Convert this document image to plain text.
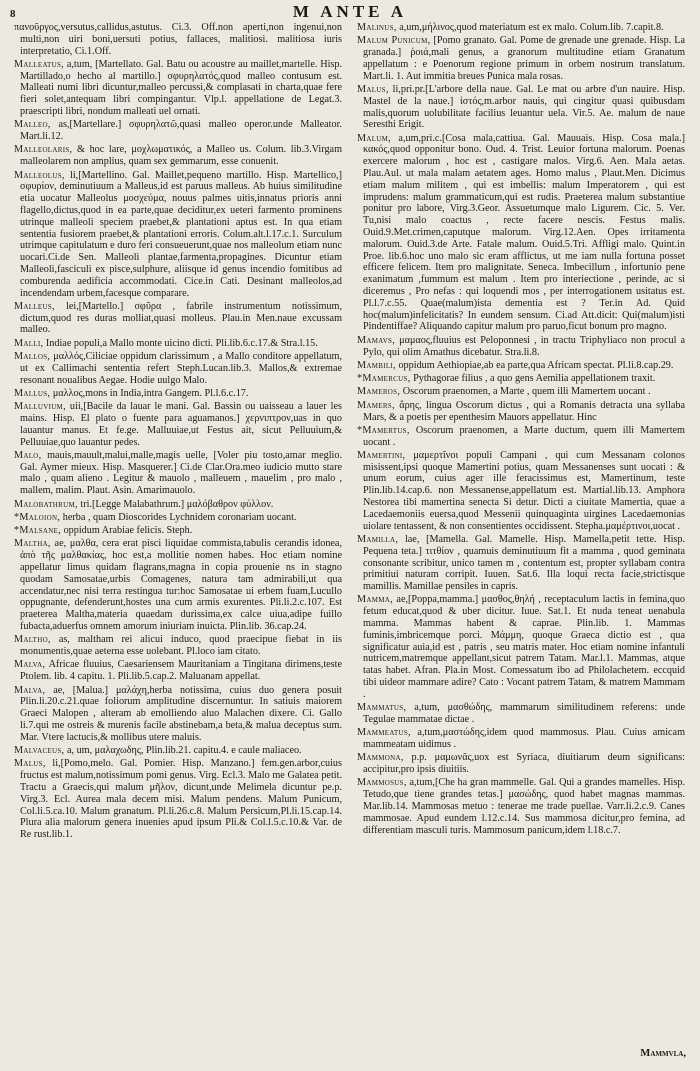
8	M ANTE A

πανοῦργος,versutus,callidus,astutus. Ci.3. Off.non aperti,non ingenui,non multi,non uiri boni,uersuti potius, fallaces, malitiosi. malitiosa iuris interpretatio, Ci.1.Off.

Malleatus, a,tum, [Martellato. Gal. Batu ou acoustre au maillet,martelle. Hisp. Martillado,o hecho al martillo.] σφυρηλατός,quod malleo contusum est. Malleati numi libri dicuntur,malleo percussi,& complasati in charta,quae fere fieri solet,antequam libri compingantur. Vlp.l. appellatione de Legat.3. praescripti libri, nondum malleati uel ornati.

Malleo, as,[Martellare.] σφυρηλατῶ,quasi malleo operor.unde Malleator. Mart.li.12.

Malleolaris, & hoc lare, μοχλωματικός, a Malleo us. Colum. lib.3.Virgam malleolarem non amplius, quam sex gemmarum, esse conuenit.

Malleolus, li,[Martellino. Gal. Maillet,pequeno martillo. Hisp. Martellico,] σφυρίον, deminutiuum a Malleus,id est paruus malleus. Ab huius similitudine etia uocatur Malleolus μοσχεύμα, nouus palmes uitis,innatus prioris anni flagello,dictus,quod in ea parte,quae deciditur,ex ueteri farmento prominens utrinque malleoli speciem praebet,& plantationi aptus est. In qua etiam sententia fusiorem praebet,& plantationi erroris. Colum.alt.l.17.c.1. Surculum utrimque capitulatum e duro feri consueuerunt,quae nos malleolum etiam nunc uocari.Ci.de Sen. Malleoli plantae,farmenta,propagines. Dicuntur etiam Malleoli,fasciculi ex pisce,sulphure, aliisque id genus incendio fomitibus ad comburenda aedificia accommodati. Cice.in Cati. Desinant malleolos,ad incendendam urbem,facesque comparare.

Malleus, lei,[Martello.] σφῦρα , fabrile instrumentum notissimum, dictum,quod res duras molliat,quasi molleus. Plau.in Men.naue excussam malleo.

Malli, Indiae populi,a Mallo monte uicino dicti. Pli.lib.6.c.17.& Stra.l.15.

Mallos, μαλλός,Ciliciae oppidum clarissimum , a Mallo conditore appellatum, ut ex Callimachi sententia refert Steph.Lucan.lib.3. Mallos,& extremae resonant noualibus Aegae. Hodie uulgo Malo.

Mallus, μαλλος,mons in India,intra Gangem. Pl.l.6.c.17.

Malluvium, uii,[Bacile da lauar le mani. Gal. Bassin ou uaisseau a lauer les mains. Hisp. El plato o fuente para aguamanos.] χερνιπτρον,uas in quo lauantur manus. Et fe.ge. Malluuiae,ut Festus ait, sicut Pelluuium,& Pelluuiae,quo lauantur pedes.

Malo, mauis,mauult,malui,malle,magis uelle, [Voler piu tosto,amar meglio. Gal. Aymer mieux. Hisp. Masquerer.] Ci.de Clar.Ora.meo iudicio mutto stare malo , quam alieno . Legitur & mauolo , malleuem , mauelim , pro malo , mallem, malim. Plaut. Asin. Amarimauolo.

Malobathrum, tri.[Legge Malabathrum.] μαλόβαθρον φύλλον.

*Maloion, herba , quam Dioscorides Lychnidem coronariam uocant.

*Malsane, oppidum Arabiae felicis. Steph.

Maltha, ae, μαλθα, cera erat pisci liquidae commista,tabulis cerandis idonea, ἀπὸ τῆς μαλθακίας, hoc est,a mollitie nomen habes. Hoc etiam nomine appellatur limus quidam flagrans,magna in copia prouenie ns in stagno quodam Samosatae,urbis Comagenes, natura tam admirabili,ut qua accendatur,nec nisi terra restingua tur:hoc Samosatae ui erbem fuam,Lucullo oppugnante, defenderunt,hostes una cum armis exurentes. Pli.li.2.c.107. Est praeterea Maltha,materia quaedam durissima,ex calce uiua,adipe fuillo fubacta,aduerfus omnem amorum iniuriam inuicta. Plin.lib. 36.cap.24.

Maltho, as, maltham rei alicui induco, quod praecipue fiebat in iis monumentis,quae aeterna esse uolebant. Pl.loco iam citato.

Malva, Africae fluuius, Caesariensem Mauritaniam a Tingitana dirimens,teste Ptolem. lib. 4 capitu. 1. Pli.lib.5.cap.2. Maluanam appellat.

Malva, ae, [Malua.] μαλάχη,herba notissima, cuius duo genera posuit Plin.li.20.c.21.quae foliorum amplitudine discernuntur. In satiuis maiorem Graeci Malopen , alteram ab emolliendo aluo Malachen dixere. Ci. Gallo li.7.qui me ostreis & murenis facile abstinebam,a beta,& malua deceptus sum. Mar. Vtere lactucis,& mollibus utere maluis.

Malvaceus, a, um, μαλαχωδης, Plin.lib.21. capitu.4. e caule maliaceo.

Malus, li,[Pomo,melo. Gal. Pomier. Hisp. Manzano.] fem.gen.arbor,cuius fructus est malum,notissimum pomi genus. Virg. Ecl.3. Malo me Galatea petit. Tractu a Graecis,qui malum μῆλον, dicunt,unde Melimela dicuntur pe.p. Virg.3. Ecl. Aurea mala decem misi. Malum pendens. Malum Punicum, Col.li.5.ca.10. Malum granatum. Pl.li.26.c.8. Malum Persicum,Pl.li.15.cap.14. Plura alia malorum genera inuenies apud ipsum Pli.& Col.l.5.c.10.& Var. de Re rust.lib.1.

Malinus, a,um,μήλινος,quod materiatum est ex malo. Colum.lib. 7.capit.8.

Malum Punicum, [Pomo granato. Gal. Pome de grenade une grenade. Hisp. La granada.] ῥοιά,mali genus, a granorum multitudine etiam Granatum appellatum : e Poenorum regione primum in orbem nostrum translatum. Mart.li. 1. Aut immitia breues Punica mala rosas.

Malus, li,pri.pr.[L'arbore della naue. Gal. Le mat ou arbre d'un nauire. Hisp. Mastel de la naue.] ἱστός,m.arbor nauis, qui cingitur quasi quibusdam malis,quorum uolubilitate facilius leuantur uela. Vir.5. Ae. malum de naue Seresthi Erigit.

Malum, a,um,pri.c.[Cosa mala,cattiua. Gal. Mauuais. Hisp. Cosa mala.] κακός,quod opponitur bono. Oud. 4. Trist. Leuior fortuna malorum. Poenas exercere malorum , hoc est , castigare malos. Virg.6. Aen. Mala aetas. Plau.Aul. ut mala malam aetatem ages. Homo malus , Plaut.Men. Dicimus etiam malum militem , qui est imbellis: malum Imperatorem , qui est imprudens: malum grammaticum,qui est rudis. Praeterea malum substantiue ponitur pro labore, Virg.3.Geor. Assuetumque malo Ligurem. Cic. 5. Ver. Tu,nisi malo coactus , recte facere nescis. Festus malis. Ouid.9.Met.crimen,caputque malorum. Virg.12.Aen. Opes irritamenta malorum. Ouid.3.de Arte. Fatale malum. Ouid.5.Tri. Affligi malo. Quint.in Proe. lib.6.hoc uno malo sic eram afflictus, ut me iam nulla fortuna posset efficere felicem. Item pro malignitate. Seneca. Imbecillum , infortunio pene exanimatum ,fummum est malum . Item pro interiectione , perinde, ac si diceremus , Pro nefas : qui loquendi mos , per interrogationem usitatus est. Pl.l.7.c.55. Quae(malum)ista dementia est ? Ter.in Ad. Quid hoc(malum)infelicitatis? In eundem sensum. Ci.ad Att.dicit: Qui(malum)isti Pindentiffae? Aliquando capitur malum pro paruo,ficut bonum pro magno.

Mamavs, μαμαος,fluuius est Peloponnesi , in tractu Triphyliaco non procul a Pylo, qui olim Amathus dicebatur. Stra.li.8.

Mambili, oppidum Aethiopiae,ab ea parte,qua Africam spectat. Pl.li.8.cap.29.

*Mamercus, Pythagorae filius , a quo gens Aemilia appellationem traxit.

Mameros, Oscorum praenomen, a Marte , quem illi Mamertem uocant .

Mamers, ἄρης, lingua Oscorum dictus , qui a Romanis detracta una syllaba Mars, & a poetis per epenthesim Mauors appellatur. Hinc

*Mamertus, Oscorum praenomen, a Marte ductum, quem illi Mamertem uocant .

Mamertini, μαμερτῖνοι populi Campani , qui cum Messanam colonos misissent,ipsi quoque Mamertini potius, quam Messanenses sunt uocati : & unum eorum, cuius ager ille feracissimus est, Mamertinum, teste Plin.lib.14.cap.6. non Messanense,appellatum est. Martial.lib.13. Amphora Nestorea tibi mamertina senecta Si detur. Dicti a ciuitate Mamertia, quae a Lacedaemoniis euersa,quod Messenii quinquaginta uirgines Lacedaemonias uiolare tentassent, & non consentientes occidissent. Stepha.μαμέρτινοι,uocat .

Mamilla, lae, [Mamella. Gal. Mamelle. Hisp. Mamella,petit tette. Hisp. Pequena teta.] τιτθίον , quamuis deminutiuum fit a mamma , quod geminata consonante scribitur, unico tamen m , contentum est, propter syllabam contra primitiui naturam corripit. Iuuen. Sat.6. Illa loqui recta facie,strictisque mamillis. Mamillae pensiles in capris.

Mamma, ae,[Poppa,mamma.] μασθος,θηλή , receptaculum lactis in femina,quo fetum educat,quod & uber dicitur. Iuue. Sat.1. Et nuda teneat uenabula mamma. Mammas habent & caprae. Plin.lib. 1. Mammas fuminis,imbricemque porci. Μάμμη, quoque Graeca dictio est , qua significatur auia,id est , patris , seu matris mater. Hoc etiam nomine infantuli nutricem,matremque appellant,sicut patrem Tatam. Mar.l.1. Mammas, atque tatas habet. Afran. Pla.in Most. Comessatum ibo ad Philolachetem. eccquid tibi uideor mammare adire? Cato : Vocant patrem Tatam, & matrem Mammam .

Mammatus, a,tum, μασθώδης, mammarum similitudinem referens: unde Tegulae mammatae dictae .

Mammeatus, a,tum,μαστώδης,idem quod mammosus. Plau. Cuius amicam mammeatam uidimus .

Mammona, p.p. μαμωνᾶς,uox est Syriaca, diuitiarum deum significans: accipitur,pro ipsis diuitiis.

Mammosus, a,tum,[Che ha gran mammelle. Gal. Qui a grandes mamelles. Hisp. Tetudo,que tiene grandes tetas.] μασώδης, quod habet magnas mammas. Mar.lib.14. Mammosas metuo : tenerae me trade puellae. Varr.li.2.c.9. Canes mammosae. Apud eundem l.12.c.14. Sus mammosa dicitur,pro femina, ad differentiam masculi turis. Mammosum panicum,idem l.18.c.7.

Mammvla,
